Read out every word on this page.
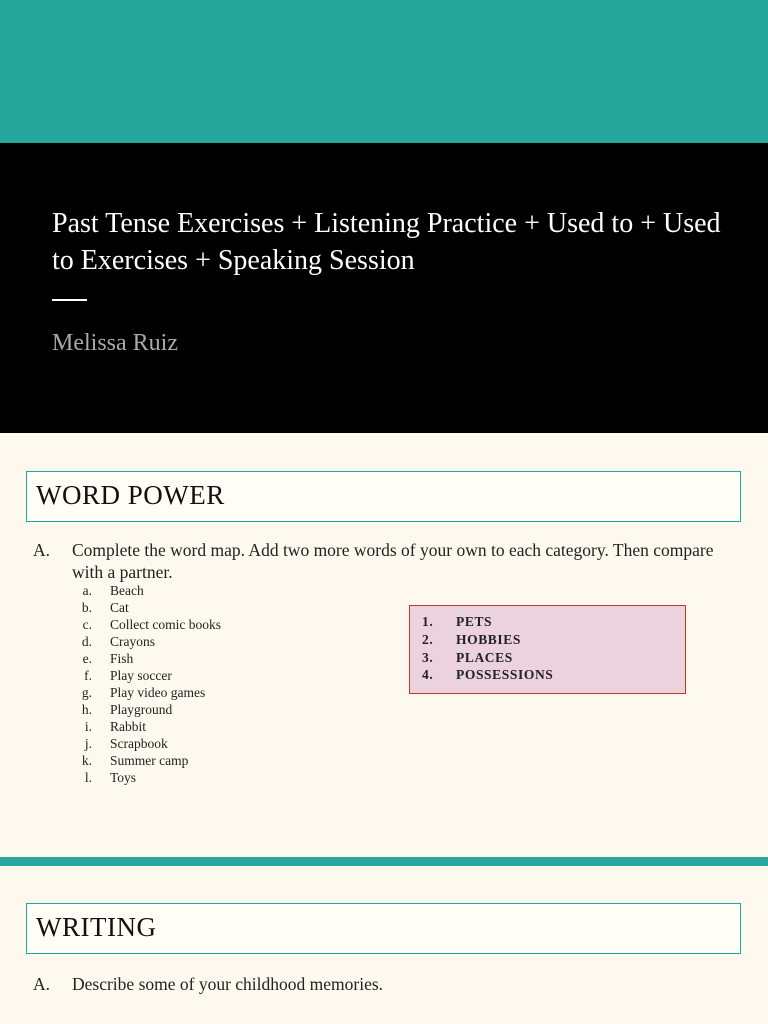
Past Tense Exercises + Listening Practice + Used to + Used to Exercises + Speaking Session
Melissa Ruiz
WORD POWER
A. Complete the word map. Add two more words of your own to each category. Then compare with a partner.
a. Beach
b. Cat
c. Collect comic books
d. Crayons
e. Fish
f. Play soccer
g. Play video games
h. Playground
i. Rabbit
j. Scrapbook
k. Summer camp
l. Toys
1. PETS
2. HOBBIES
3. PLACES
4. POSSESSIONS
WRITING
A. Describe some of your childhood memories.
